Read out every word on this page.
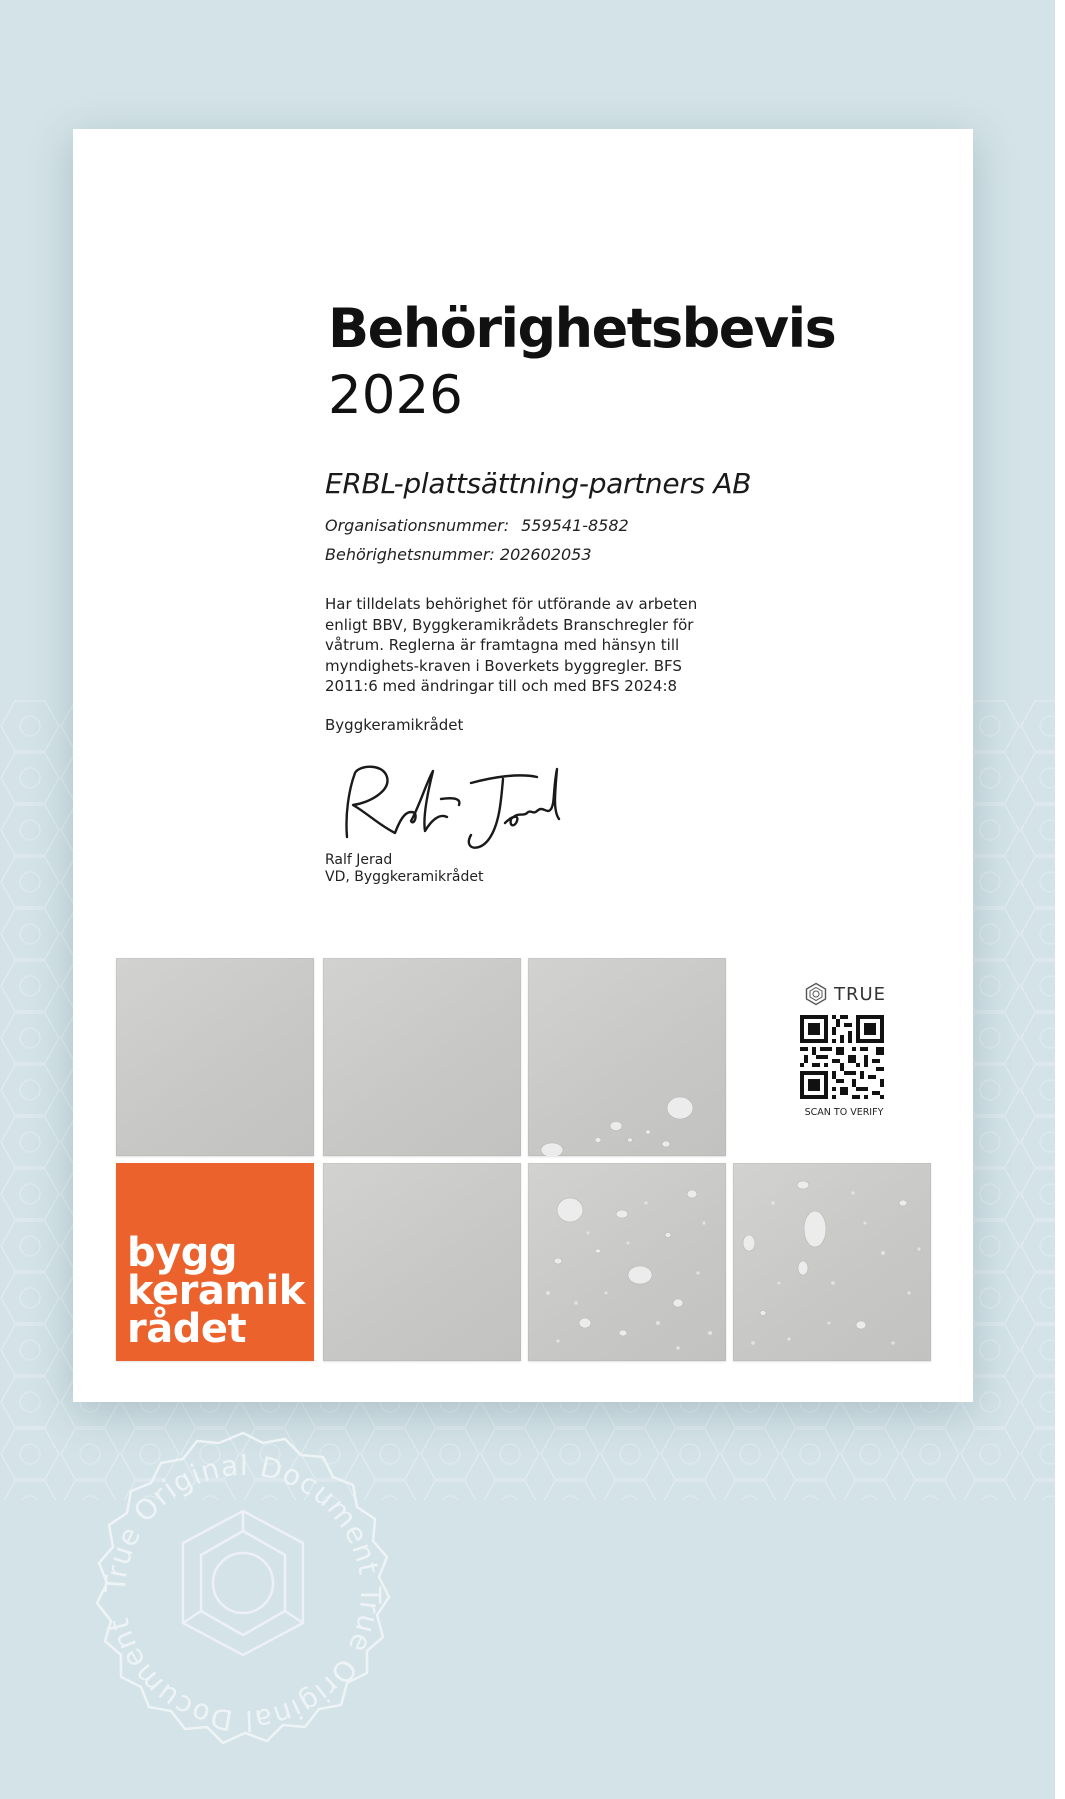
Behörighetsbevis
2026
ERBL-plattsättning-partners AB
Organisationsnummer: 559541-8582
Behörighetsnummer: 202602053

Har tilldelats behörighet för utförande av arbeten
enligt BBV, Byggkeramikrådets Branschregler för
våtrum. Reglerna är framtagna med hänsyn till
myndighets-kraven i Boverkets byggregler. BFS
2011:6 med ändringar till och med BFS 2024:8

Byggkeramikrådet
Ralf Jerad
VD, Byggkeramikrådet
bygg
keramik
rådet
TRUE
SCAN TO VERIFY
True Original Document True Original Document
